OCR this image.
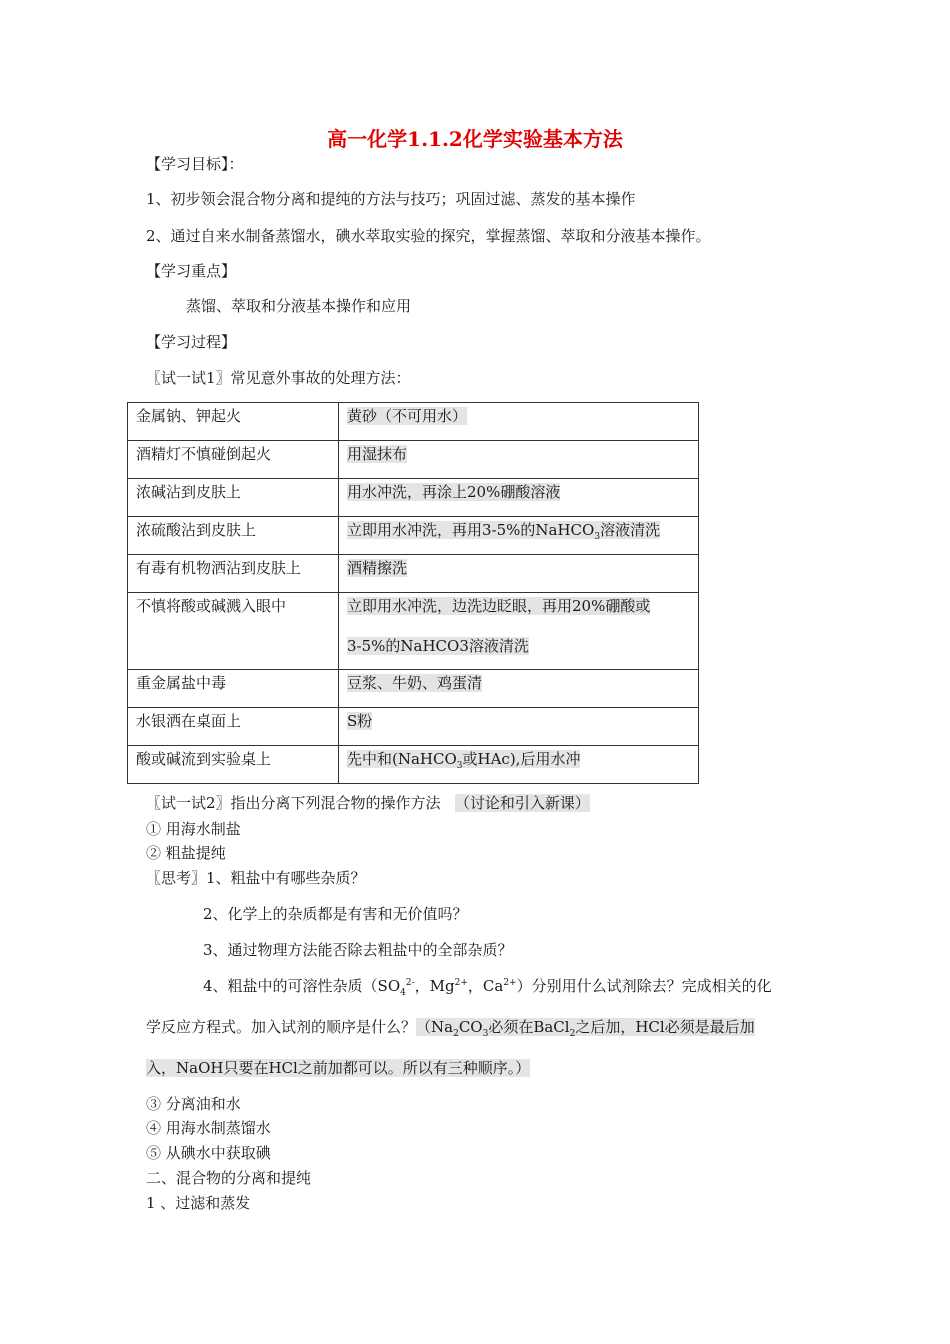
高一化学1.1.2化学实验基本方法
【学习目标】：
1、初步领会混合物分离和提纯的方法与技巧；巩固过滤、蒸发的基本操作
2、通过自来水制备蒸馏水，碘水萃取实验的探究，掌握蒸馏、萃取和分液基本操作。
【学习重点】
蒸馏、萃取和分液基本操作和应用
【学习过程】
〖试一试1〗常见意外事故的处理方法：
金属钠、钾起火	黄砂（不可用水）

酒精灯不慎碰倒起火	用湿抹布

浓碱沾到皮肤上	用水冲洗，再涂上20%硼酸溶液

浓硫酸沾到皮肤上	立即用水冲洗，再用3-5%的NaHCO$_3$溶液清洗

有毒有机物洒沾到皮肤上	酒精擦洗

不慎将酸或碱溅入眼中	立即用水冲洗，边洗边眨眼，再用20%硼酸或
3-5%的NaHCO3溶液清洗

重金属盐中毒	豆浆、牛奶、鸡蛋清

水银洒在桌面上	S粉

酸或碱流到实验桌上	先中和(NaHCO$_3$或HAc),后用水冲
〖试一试2〗指出分离下列混合物的操作方法 （讨论和引入新课）
① 用海水制盐
② 粗盐提纯
〖思考〗1、粗盐中有哪些杂质？
2、化学上的杂质都是有害和无价值吗？
3、通过物理方法能否除去粗盐中的全部杂质？
4、粗盐中的可溶性杂质（$SO_4^{2-}$，$Mg^{2+}$，$Ca^{2+}$）分别用什么试剂除去？完成相关的化
学反应方程式。加入试剂的顺序是什么？（$Na_2CO_3$必须在BaCl$_2$之后加，HCl必须是最后加
入，NaOH只要在HCl之前加都可以。所以有三种顺序。）
③ 分离油和水
④ 用海水制蒸馏水
⑤ 从碘水中获取碘
二、混合物的分离和提纯
1 、过滤和蒸发
